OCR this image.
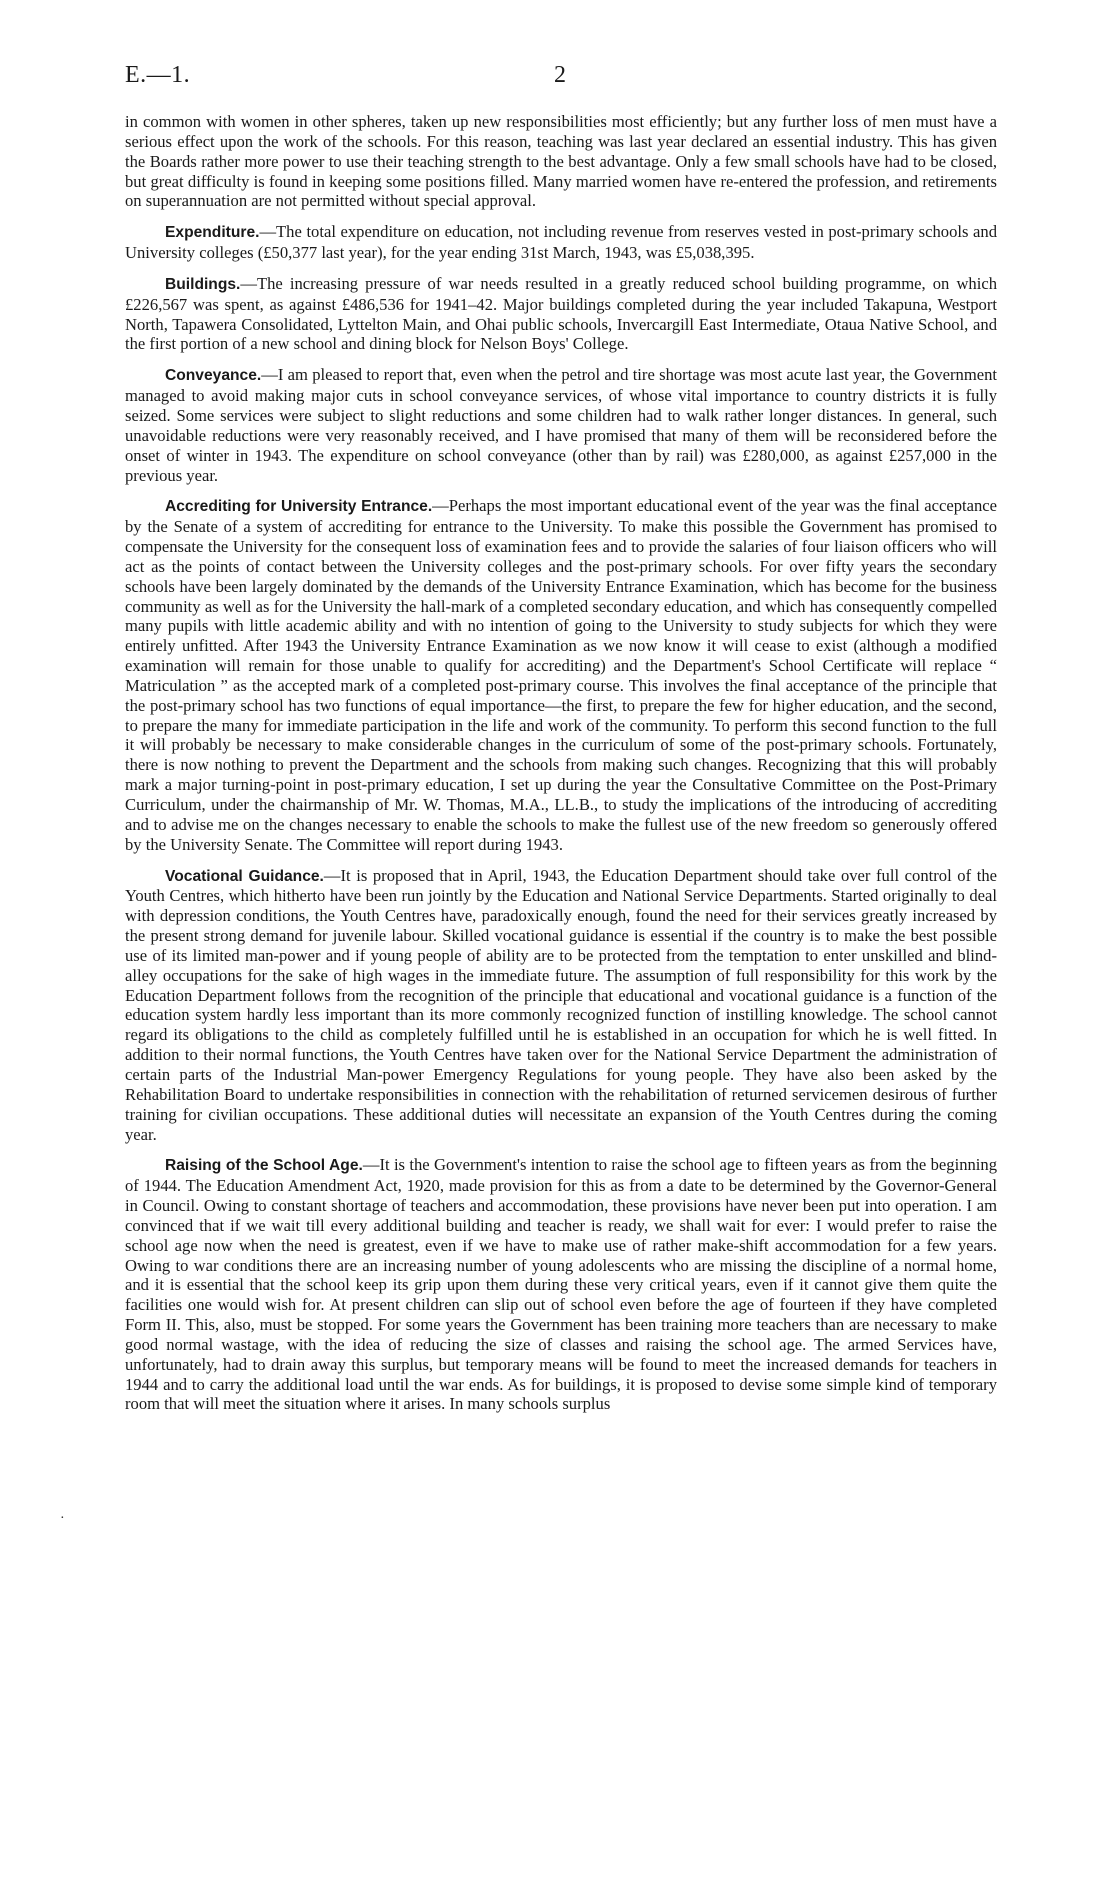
E.—1.	2

in common with women in other spheres, taken up new responsibilities most efficiently; but any further loss of men must have a serious effect upon the work of the schools. For this reason, teaching was last year declared an essential industry. This has given the Boards rather more power to use their teaching strength to the best advantage. Only a few small schools have had to be closed, but great difficulty is found in keeping some positions filled. Many married women have re-entered the profession, and retirements on superannuation are not permitted without special approval.

Expenditure.—The total expenditure on education, not including revenue from reserves vested in post-primary schools and University colleges (£50,377 last year), for the year ending 31st March, 1943, was £5,038,395.

Buildings.—The increasing pressure of war needs resulted in a greatly reduced school building programme, on which £226,567 was spent, as against £486,536 for 1941–42. Major buildings completed during the year included Takapuna, Westport North, Tapawera Consolidated, Lyttelton Main, and Ohai public schools, Invercargill East Intermediate, Otaua Native School, and the first portion of a new school and dining block for Nelson Boys' College.

Conveyance.—I am pleased to report that, even when the petrol and tire shortage was most acute last year, the Government managed to avoid making major cuts in school conveyance services, of whose vital importance to country districts it is fully seized. Some services were subject to slight reductions and some children had to walk rather longer distances. In general, such unavoidable reductions were very reasonably received, and I have promised that many of them will be reconsidered before the onset of winter in 1943. The expenditure on school conveyance (other than by rail) was £280,000, as against £257,000 in the previous year.

Accrediting for University Entrance.—Perhaps the most important educational event of the year was the final acceptance by the Senate of a system of accrediting for entrance to the University. To make this possible the Government has promised to compensate the University for the consequent loss of examination fees and to provide the salaries of four liaison officers who will act as the points of contact between the University colleges and the post-primary schools. For over fifty years the secondary schools have been largely dominated by the demands of the University Entrance Examination, which has become for the business community as well as for the University the hall-mark of a completed secondary education, and which has consequently compelled many pupils with little academic ability and with no intention of going to the University to study subjects for which they were entirely unfitted. After 1943 the University Entrance Examination as we now know it will cease to exist (although a modified examination will remain for those unable to qualify for accrediting) and the Department's School Certificate will replace “ Matriculation ” as the accepted mark of a completed post-primary course. This involves the final acceptance of the principle that the post-primary school has two functions of equal importance—the first, to prepare the few for higher education, and the second, to prepare the many for immediate participation in the life and work of the community. To perform this second function to the full it will probably be necessary to make considerable changes in the curriculum of some of the post-primary schools. Fortunately, there is now nothing to prevent the Department and the schools from making such changes. Recognizing that this will probably mark a major turning-point in post-primary education, I set up during the year the Consultative Committee on the Post-Primary Curriculum, under the chairmanship of Mr. W. Thomas, M.A., LL.B., to study the implications of the introducing of accrediting and to advise me on the changes necessary to enable the schools to make the fullest use of the new freedom so generously offered by the University Senate. The Committee will report during 1943.

Vocational Guidance.—It is proposed that in April, 1943, the Education Department should take over full control of the Youth Centres, which hitherto have been run jointly by the Education and National Service Departments. Started originally to deal with depression conditions, the Youth Centres have, paradoxically enough, found the need for their services greatly increased by the present strong demand for juvenile labour. Skilled vocational guidance is essential if the country is to make the best possible use of its limited man-power and if young people of ability are to be protected from the temptation to enter unskilled and blind-alley occupations for the sake of high wages in the immediate future. The assumption of full responsibility for this work by the Education Department follows from the recognition of the principle that educational and vocational guidance is a function of the education system hardly less important than its more commonly recognized function of instilling knowledge. The school cannot regard its obligations to the child as completely fulfilled until he is established in an occupation for which he is well fitted. In addition to their normal functions, the Youth Centres have taken over for the National Service Department the administration of certain parts of the Industrial Man-power Emergency Regulations for young people. They have also been asked by the Rehabilitation Board to undertake responsibilities in connection with the rehabilitation of returned servicemen desirous of further training for civilian occupations. These additional duties will necessitate an expansion of the Youth Centres during the coming year.

Raising of the School Age.—It is the Government's intention to raise the school age to fifteen years as from the beginning of 1944. The Education Amendment Act, 1920, made provision for this as from a date to be determined by the Governor-General in Council. Owing to constant shortage of teachers and accommodation, these provisions have never been put into operation. I am convinced that if we wait till every additional building and teacher is ready, we shall wait for ever: I would prefer to raise the school age now when the need is greatest, even if we have to make use of rather make-shift accommodation for a few years. Owing to war conditions there are an increasing number of young adolescents who are missing the discipline of a normal home, and it is essential that the school keep its grip upon them during these very critical years, even if it cannot give them quite the facilities one would wish for. At present children can slip out of school even before the age of fourteen if they have completed Form II. This, also, must be stopped. For some years the Government has been training more teachers than are necessary to make good normal wastage, with the idea of reducing the size of classes and raising the school age. The armed Services have, unfortunately, had to drain away this surplus, but temporary means will be found to meet the increased demands for teachers in 1944 and to carry the additional load until the war ends. As for buildings, it is proposed to devise some simple kind of temporary room that will meet the situation where it arises. In many schools surplus

·
